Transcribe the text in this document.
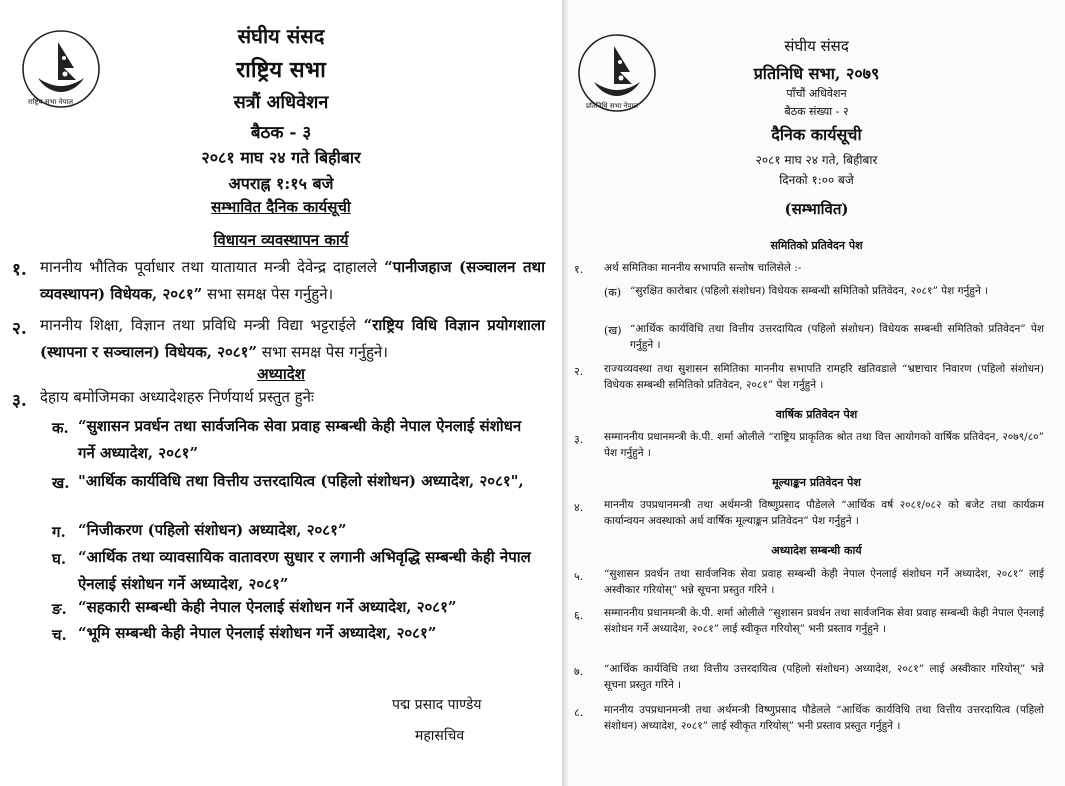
राष्ट्रिय सभा नेपाल
संघीय संसद
राष्ट्रिय सभा
सत्रौं अधिवेशन
बैठक - ३
२०८१ माघ २४ गते बिहीबार
अपराह्न १:१५ बजे
सम्भावित दैनिक कार्यसूची
विधायन व्यवस्थापन कार्य
१. माननीय भौतिक पूर्वाधार तथा यातायात मन्त्री देवेन्द्र दाहालले “पानीजहाज (सञ्चालन तथा व्यवस्थापन) विधेयक, २०८१” सभा समक्ष पेस गर्नुहुने।
२. माननीय शिक्षा, विज्ञान तथा प्रविधि मन्त्री विद्या भट्टराईले “राष्ट्रिय विधि विज्ञान प्रयोगशाला (स्थापना र सञ्चालन) विधेयक, २०८१” सभा समक्ष पेस गर्नुहुने।
अध्यादेश
३. देहाय बमोजिमका अध्यादेशहरु निर्णयार्थ प्रस्तुत हुनेः
क. “सुशासन प्रवर्धन तथा सार्वजनिक सेवा प्रवाह सम्बन्धी केही नेपाल ऐनलाई संशोधन गर्ने अध्यादेश, २०८१”
ख. "आर्थिक कार्यविधि तथा वित्तीय उत्तरदायित्व (पहिलो संशोधन) अध्यादेश, २०८१",
ग. “निजीकरण (पहिलो संशोधन) अध्यादेश, २०८१”
घ. “आर्थिक तथा व्यावसायिक वातावरण सुधार र लगानी अभिवृद्धि सम्बन्धी केही नेपाल ऐनलाई संशोधन गर्ने अध्यादेश, २०८१”
ङ. “सहकारी सम्बन्धी केही नेपाल ऐनलाई संशोधन गर्ने अध्यादेश, २०८१”
च. “भूमि सम्बन्धी केही नेपाल ऐनलाई संशोधन गर्ने अध्यादेश, २०८१”
पद्म प्रसाद पाण्डेय
महासचिव
प्रतिनिधि सभा नेपाल
संघीय संसद
प्रतिनिधि सभा, २०७९
पाँचौं अधिवेशन
बैठक संख्या - २
दैनिक कार्यसूची
२०८१ माघ २४ गते, बिहीबार
दिनको १:०० बजे
(सम्भावित)
समितिको प्रतिवेदन पेश
१. अर्थ समितिका माननीय सभापति सन्तोष चालिसेले :-
(क) “सुरक्षित कारोबार (पहिलो संशोधन) विधेयक सम्बन्धी समितिको प्रतिवेदन, २०८१” पेश गर्नुहुने ।
(ख) “आर्थिक कार्यविधि तथा वित्तीय उत्तरदायित्व (पहिलो संशोधन) विधेयक सम्बन्धी समितिको प्रतिवेदन” पेश गर्नुहुने ।
२. राज्यव्यवस्था तथा सुशासन समितिका माननीय सभापति रामहरि खतिवडाले “भ्रष्टाचार निवारण (पहिलो संशोधन) विधेयक सम्बन्धी समितिको प्रतिवेदन, २०८१” पेश गर्नुहुने ।
वार्षिक प्रतिवेदन पेश
३. सम्माननीय प्रधानमन्त्री के.पी. शर्मा ओलीले “राष्ट्रिय प्राकृतिक श्रोत तथा वित्त आयोगको वार्षिक प्रतिवेदन, २०७९/८०” पेश गर्नुहुने ।
मूल्याङ्कन प्रतिवेदन पेश
४. माननीय उपप्रधानमन्त्री तथा अर्थमन्त्री विष्णुप्रसाद पौडेलले “आर्थिक वर्ष २०८१/०८२ को बजेट तथा कार्यक्रम कार्यान्वयन अवस्थाको अर्ध वार्षिक मूल्याङ्कन प्रतिवेदन” पेश गर्नुहुने ।
अध्यादेश सम्बन्धी कार्य
५. “सुशासन प्रवर्धन तथा सार्वजनिक सेवा प्रवाह सम्बन्धी केही नेपाल ऐनलाई संशोधन गर्ने अध्यादेश, २०८१” लाई अस्वीकार गरियोस्” भन्ने सूचना प्रस्तुत गरिने ।
६. सम्माननीय प्रधानमन्त्री के.पी. शर्मा ओलीले “सुशासन प्रवर्धन तथा सार्वजनिक सेवा प्रवाह सम्बन्धी केही नेपाल ऐनलाई संशोधन गर्ने अध्यादेश, २०८१” लाई स्वीकृत गरियोस्” भनी प्रस्ताव गर्नुहुने ।
७. “आर्थिक कार्यविधि तथा वित्तीय उत्तरदायित्व (पहिलो संशोधन) अध्यादेश, २०८१” लाई अस्वीकार गरियोस्” भन्ने सूचना प्रस्तुत गरिने ।
८. माननीय उपप्रधानमन्त्री तथा अर्थमन्त्री विष्णुप्रसाद पौडेलले “आर्थिक कार्यविधि तथा वित्तीय उत्तरदायित्व (पहिलो संशोधन) अध्यादेश, २०८१” लाई स्वीकृत गरियोस्” भनी प्रस्ताव प्रस्तुत गर्नुहुने ।
